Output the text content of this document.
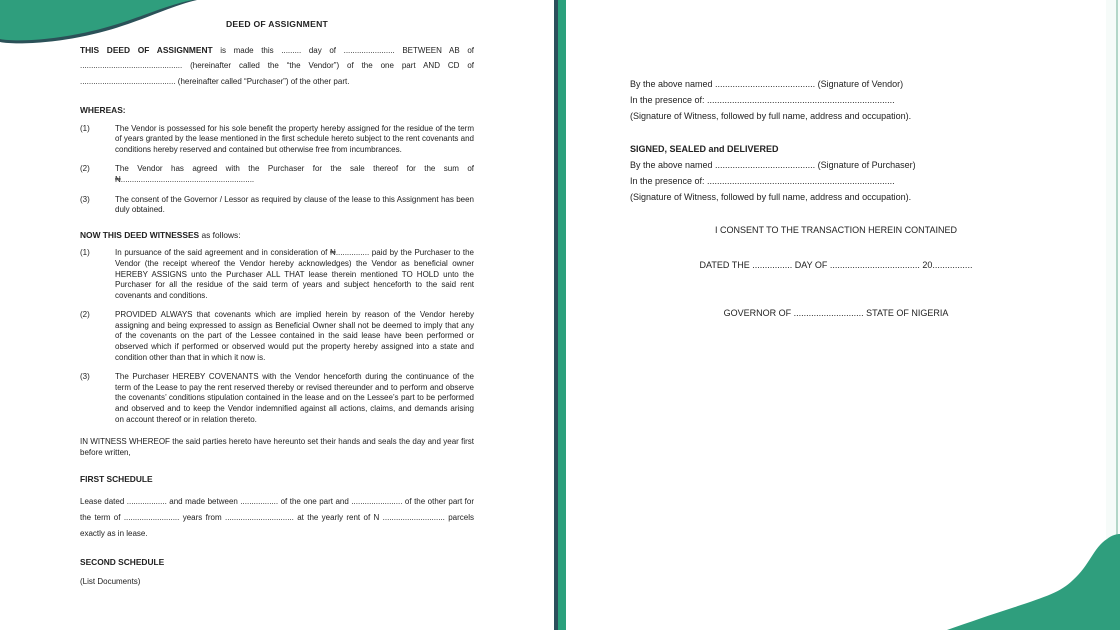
DEED OF ASSIGNMENT

THIS DEED OF ASSIGNMENT is made this ......... day of ....................... BETWEEN AB of .............................................. (hereinafter called the “the Vendor”) of the one part AND CD of ........................................... (hereinafter called “Purchaser”) of the other part.

WHEREAS:
(1)	The Vendor is possessed for his sole benefit the property hereby assigned for the residue of the term of years granted by the lease mentioned in the first schedule hereto subject to the rent covenants and conditions hereby reserved and contained but otherwise free from incumbrances.
(2)	The Vendor has agreed with the Purchaser for the sale thereof for the sum of ₦............................................................
(3)	The consent of the Governor / Lessor as required by clause of the lease to this Assignment has been duly obtained.
NOW THIS DEED WITNESSES as follows:
(1)	In pursuance of the said agreement and in consideration of ₦............... paid by the Purchaser to the Vendor (the receipt whereof the Vendor hereby acknowledges) the Vendor as beneficial owner HEREBY ASSIGNS unto the Purchaser ALL THAT lease therein mentioned TO HOLD unto the Purchaser for all the residue of the said term of years and subject henceforth to the said rent covenants and conditions.
(2)	PROVIDED ALWAYS that covenants which are implied herein by reason of the Vendor hereby assigning and being expressed to assign as Beneficial Owner shall not be deemed to imply that any of the covenants on the part of the Lessee contained in the said lease have been performed or observed which if performed or observed would put the property hereby assigned into a state and condition other than that in which it now is.
(3)	The Purchaser HEREBY COVENANTS with the Vendor henceforth during the continuance of the term of the Lease to pay the rent reserved thereby or revised thereunder and to perform and observe the covenants’ conditions stipulation contained in the lease and on the Lessee’s part to be performed and observed and to keep the Vendor indemnified against all actions, claims, and demands arising on account thereof or in relation thereto.

IN WITNESS WHEREOF the said parties hereto have hereunto set their hands and seals the day and year first before written,

FIRST SCHEDULE

Lease dated .................. and made between ................. of the one part and ....................... of the other part for the term of ......................... years from ............................... at the yearly rent of N ............................ parcels exactly as in lease.

SECOND SCHEDULE

(List Documents)

By the above named ........................................ (Signature of Vendor)

In the presence of: ...........................................................................

(Signature of Witness, followed by full name, address and occupation).

SIGNED, SEALED and DELIVERED

By the above named ........................................ (Signature of Purchaser)

In the presence of: ...........................................................................

(Signature of Witness, followed by full name, address and occupation).

I CONSENT TO THE TRANSACTION HEREIN CONTAINED

DATED THE ................ DAY OF .................................... 20................

GOVERNOR OF ............................ STATE OF NIGERIA
